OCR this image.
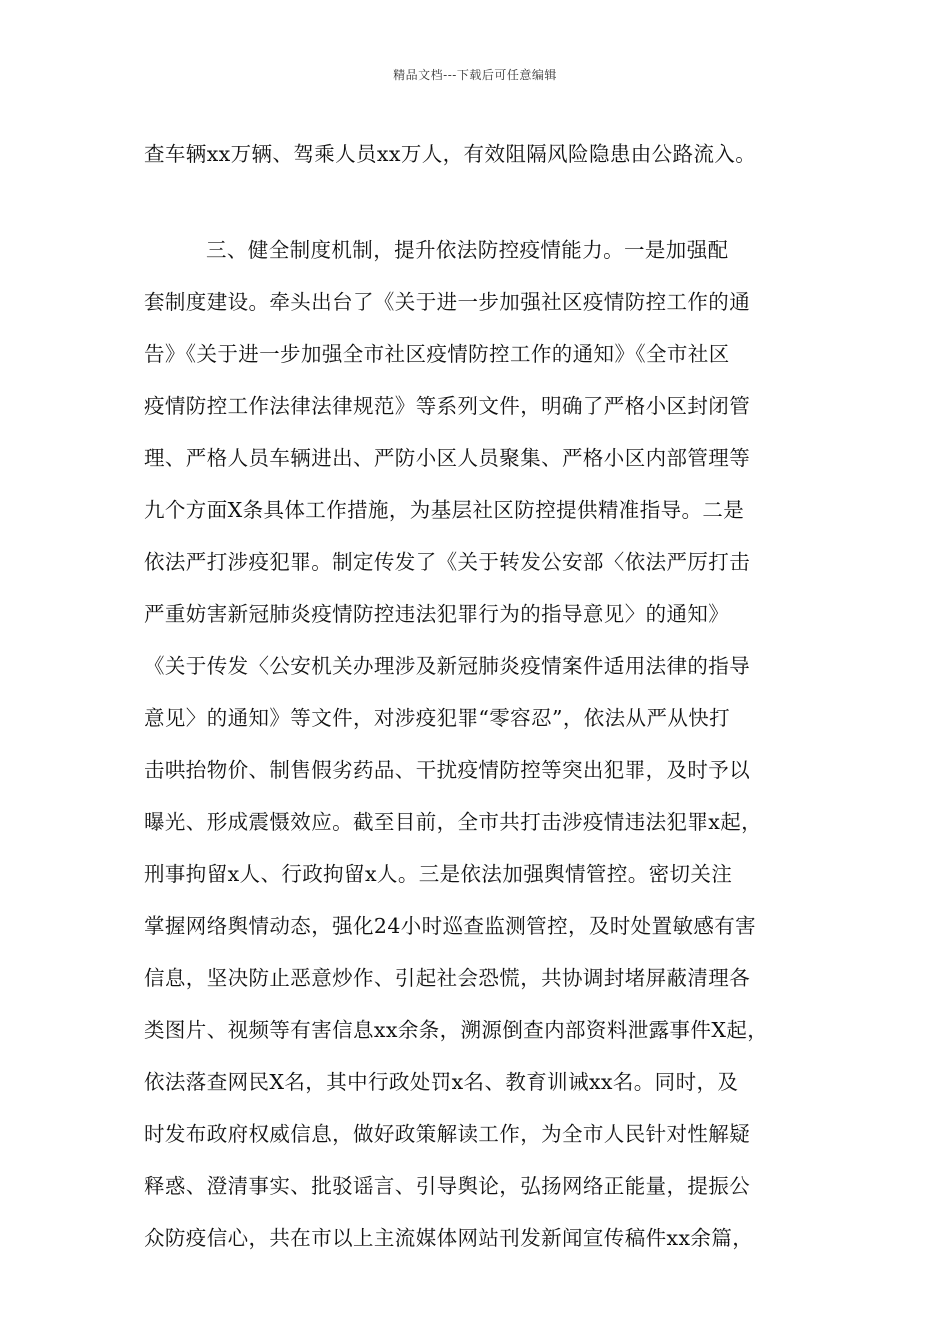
精品文档---下载后可任意编辑
查车辆xx万辆、驾乘人员xx万人，有效阻隔风险隐患由公路流入。
三、健全制度机制，提升依法防控疫情能力。一是加强配
套制度建设。牵头出台了《关于进一步加强社区疫情防控工作的通
告》《关于进一步加强全市社区疫情防控工作的通知》《全市社区
疫情防控工作法律法律规范》等系列文件，明确了严格小区封闭管
理、严格人员车辆进出、严防小区人员聚集、严格小区内部管理等
九个方面X条具体工作措施，为基层社区防控提供精准指导。二是
依法严打涉疫犯罪。制定传发了《关于转发公安部〈依法严厉打击
严重妨害新冠肺炎疫情防控违法犯罪行为的指导意见〉的通知》
《关于传发〈公安机关办理涉及新冠肺炎疫情案件适用法律的指导
意见〉的通知》等文件，对涉疫犯罪“零容忍”，依法从严从快打
击哄抬物价、制售假劣药品、干扰疫情防控等突出犯罪，及时予以
曝光、形成震慑效应。截至目前，全市共打击涉疫情违法犯罪x起，
刑事拘留x人、行政拘留x人。三是依法加强舆情管控。密切关注
掌握网络舆情动态，强化24小时巡查监测管控，及时处置敏感有害
信息，坚决防止恶意炒作、引起社会恐慌，共协调封堵屏蔽清理各
类图片、视频等有害信息xx余条，溯源倒查内部资料泄露事件X起，
依法落查网民X名，其中行政处罚x名、教育训诫xx名。同时，及
时发布政府权威信息，做好政策解读工作，为全市人民针对性解疑
释惑、澄清事实、批驳谣言、引导舆论，弘扬网络正能量，提振公
众防疫信心，共在市以上主流媒体网站刊发新闻宣传稿件xx余篇，
